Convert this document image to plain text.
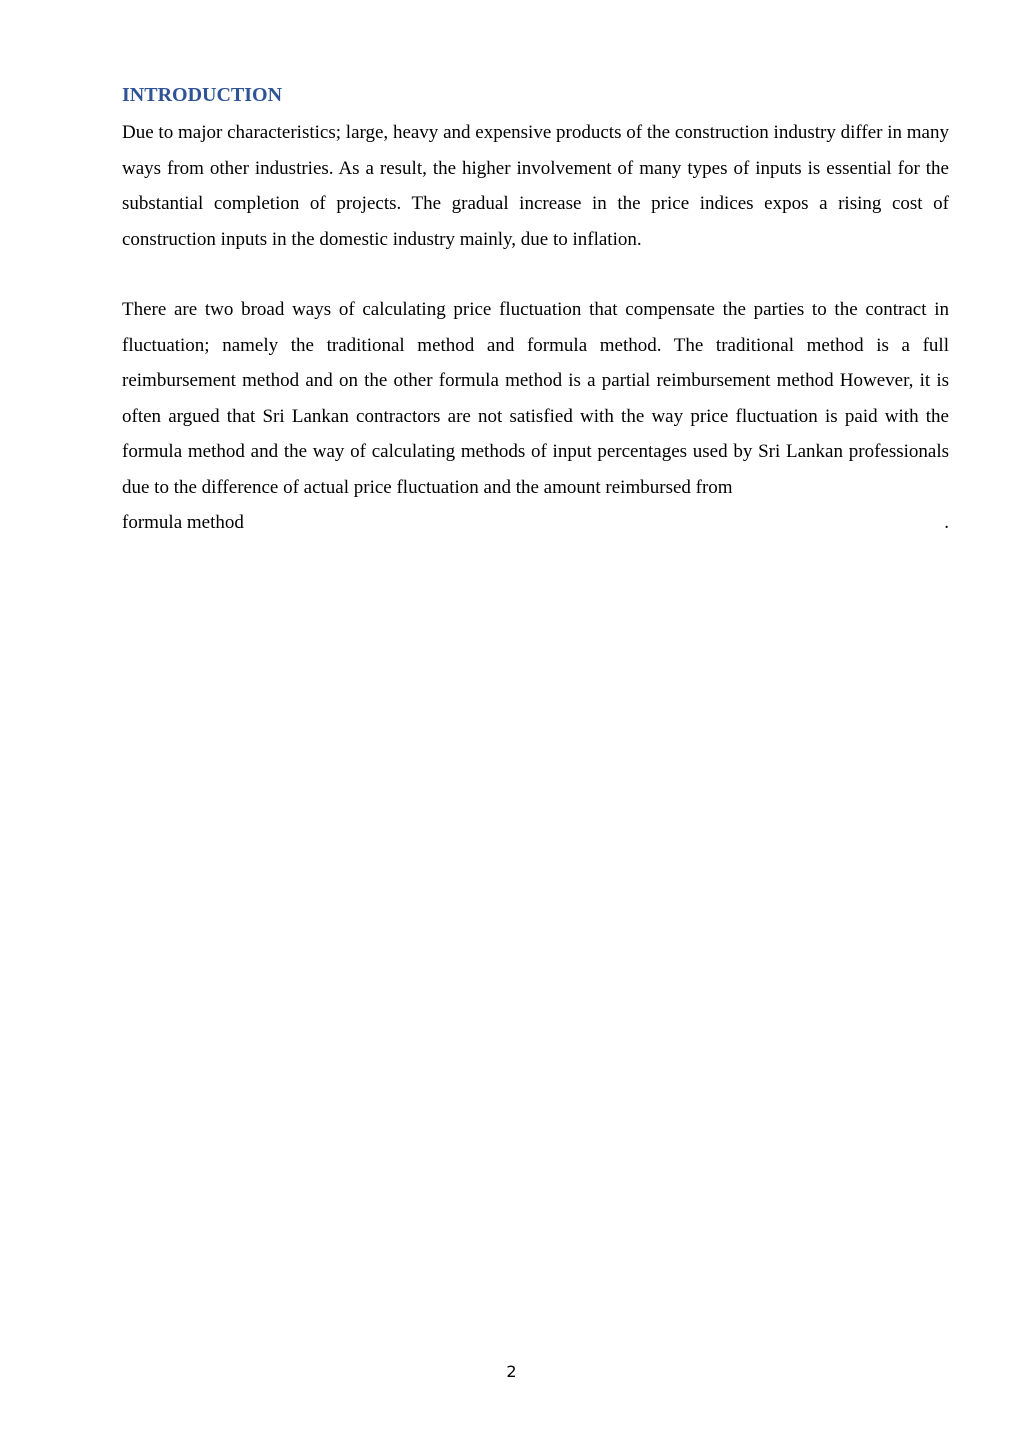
INTRODUCTION

Due to major characteristics; large, heavy and expensive products of the construction industry differ in many ways from other industries. As a result, the higher involvement of many types of inputs is essential for the substantial completion of projects. The gradual increase in the price indices expos a rising cost of construction inputs in the domestic industry mainly, due to inflation.

There are two broad ways of calculating price fluctuation that compensate the parties to the contract in fluctuation; namely the traditional method and formula method. The traditional method is a full reimbursement method and on the other formula method is a partial reimbursement method However, it is often argued that Sri Lankan contractors are not satisfied with the way price fluctuation is paid with the formula method and the way of calculating methods of input percentages used by Sri Lankan professionals due to the difference of actual price fluctuation and the amount reimbursed from
formula method	.
2
